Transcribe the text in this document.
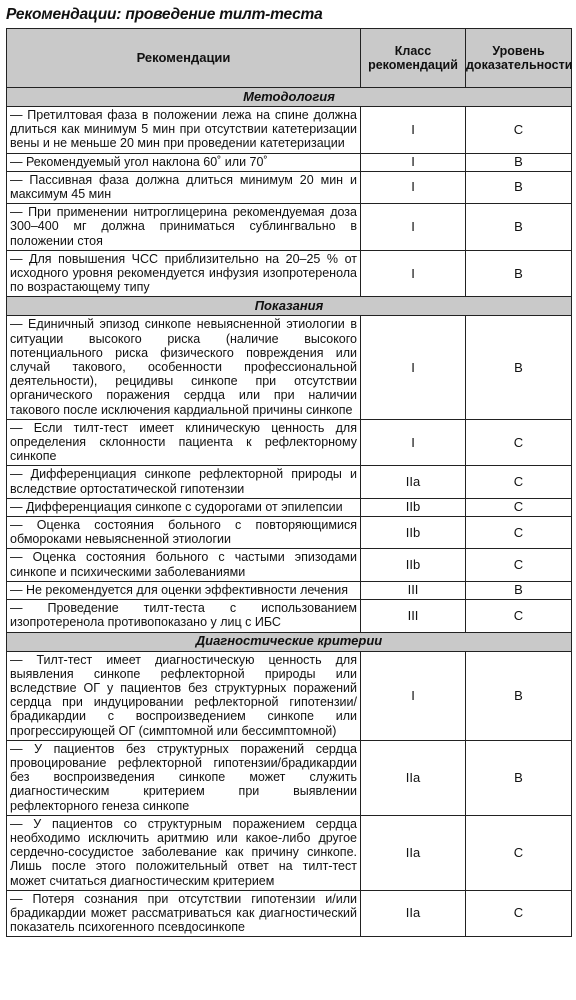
Рекомендации: проведение тилт-теста
Рекомендации	Класс рекомендаций	Уровень доказательности
Методология		
— Претилтовая фаза в положении лежа на спине должна длиться как минимум 5 мин при отсутствии катетеризации вены и не меньше 20 мин при проведении катетеризации	I	C
— Рекомендуемый угол наклона 60˚ или 70˚	I	B
— Пассивная фаза должна длиться минимум 20 мин и максимум 45 мин	I	B
— При применении нитроглицерина рекомендуемая доза 300–400 мг должна приниматься сублингвально в положении стоя	I	B
— Для повышения ЧСС приблизительно на 20–25 % от исходного уровня рекомендуется инфузия изопротеренола по возрастающему типу	I	B
Показания		
— Единичный эпизод синкопе невыясненной этиологии в ситуации высокого риска (наличие высокого потенциального риска физического повреждения или случай такового, особенности профессиональной деятельности), рецидивы синкопе при отсутствии органического поражения сердца или при наличии такового после исключения кардиальной причины синкопе	I	B
— Если тилт-тест имеет клиническую ценность для определения склонности пациента к рефлекторному синкопе	I	C
— Дифференциация синкопе рефлекторной природы и вследствие ортостатической гипотензии	IIa	C
— Дифференциация синкопе с судорогами от эпилепсии	IIb	C
— Оценка состояния больного с повторяющимися обмороками невыясненной этиологии	IIb	C
— Оценка состояния больного с частыми эпизодами синкопе и психическими заболеваниями	IIb	C
— Не рекомендуется для оценки эффективности лечения	III	B
— Проведение тилт-теста с использованием изопротеренола противопоказано у лиц с ИБС	III	C
Диагностические критерии		
— Тилт-тест имеет диагностическую ценность для выявления синкопе рефлекторной природы или вследствие ОГ у пациентов без структурных поражений сердца при индуцировании рефлекторной гипотензии/брадикардии с воспроизведением синкопе или прогрессирующей ОГ (симптомной или бессимптомной)	I	B
— У пациентов без структурных поражений сердца провоцирование рефлекторной гипотензии/брадикардии без воспроизведения синкопе может служить диагностическим критерием при выявлении рефлекторного генеза синкопе	IIa	B
— У пациентов со структурным поражением сердца необходимо исключить аритмию или какое-либо другое сердечно-сосудистое заболевание как причину синкопе. Лишь после этого положительный ответ на тилт-тест может считаться диагностическим критерием	IIa	C
— Потеря сознания при отсутствии гипотензии и/или брадикардии может рассматриваться как диагностический показатель психогенного псевдосинкопе	IIa	C
